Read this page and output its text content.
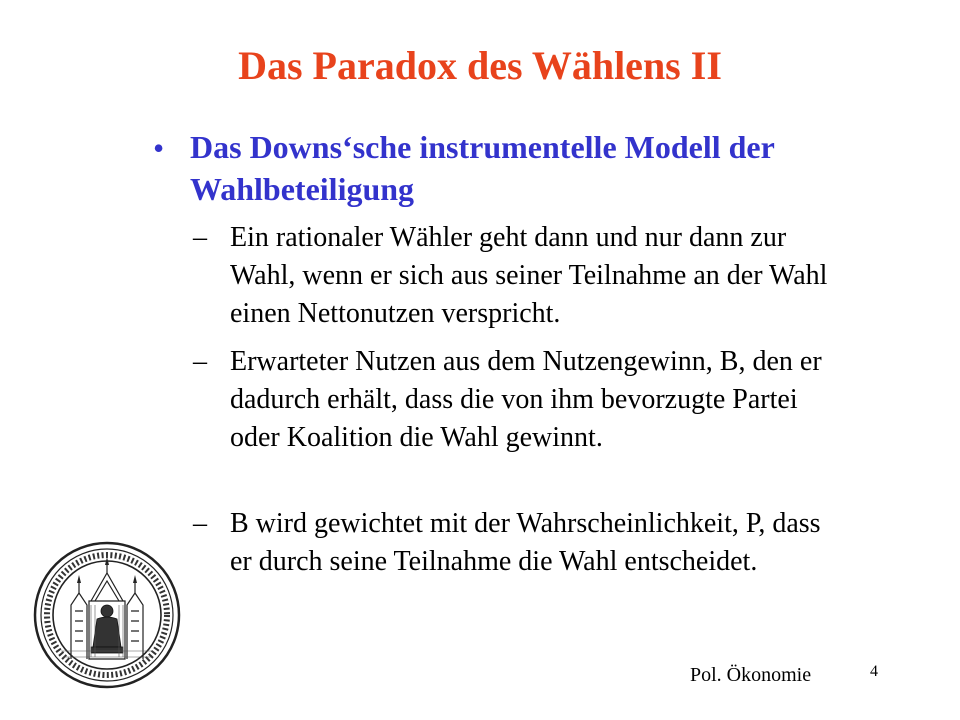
Das Paradox des Wählens II
• Das Downs‘sche instrumentelle Modell der Wahlbeteiligung
– Ein rationaler Wähler geht dann und nur dann zur Wahl, wenn er sich aus seiner Teilnahme an der Wahl einen Nettonutzen verspricht.
– Erwarteter Nutzen aus dem Nutzengewinn, B, den er dadurch erhält, dass die von ihm bevorzugte Partei oder Koalition die Wahl gewinnt.
– B wird gewichtet mit der Wahrscheinlichkeit, P, dass er durch seine Teilnahme die Wahl entscheidet.
Pol. Ökonomie	4
